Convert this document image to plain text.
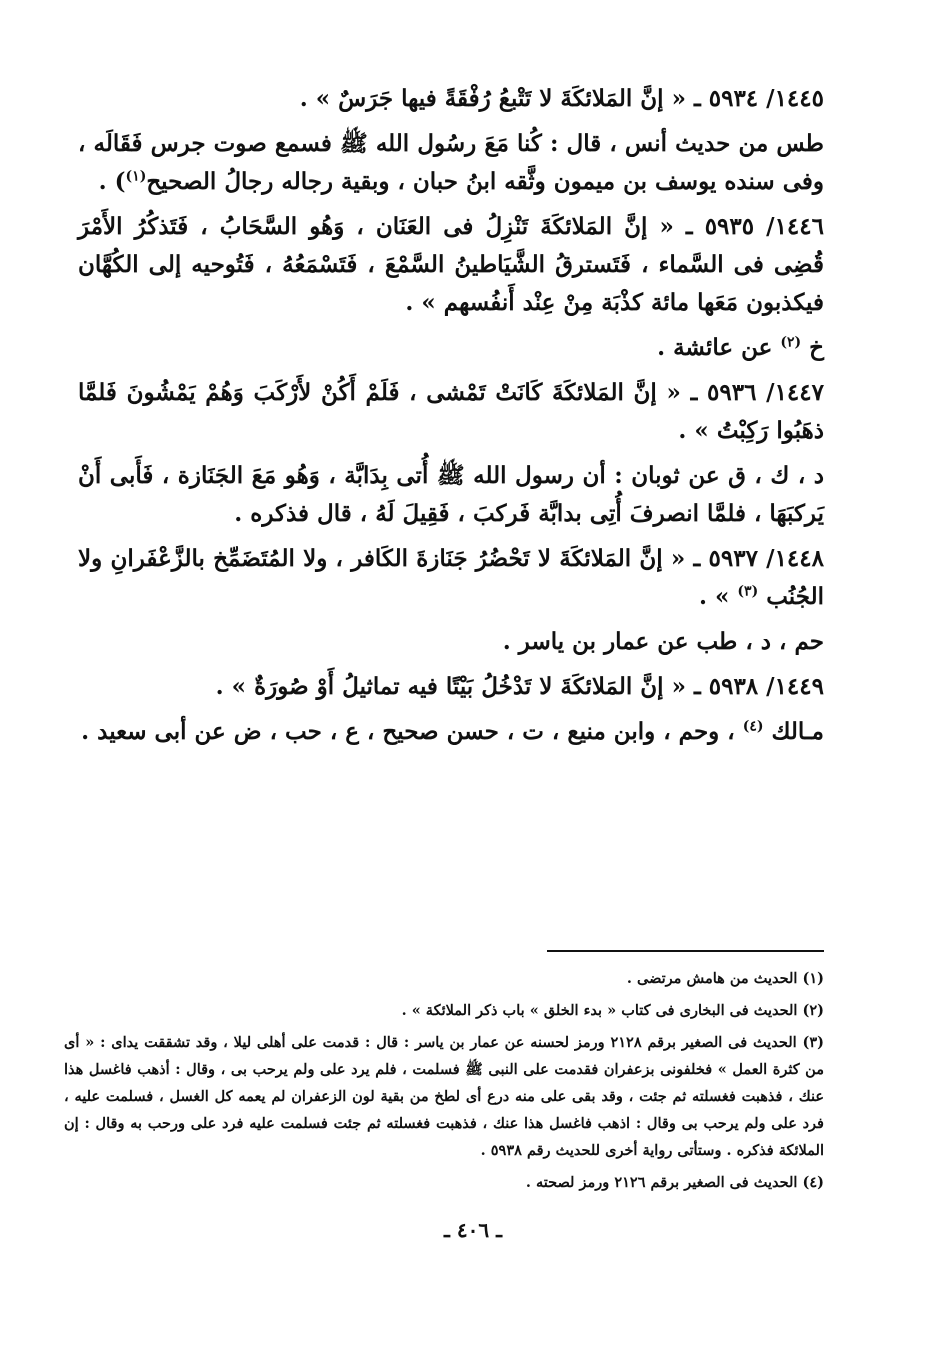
١٤٤٥/ ٥٩٣٤ ـ « إنَّ المَلائكَةَ لا تَتْبعُ رُفْقَةً فيها جَرَسٌ » .

طس من حديث أنس ، قال : كُنا مَعَ رسُول الله ﷺ فسمع صوت جرس فَقَالَه ، وفى سنده يوسف بن ميمون وثَّقه ابنُ حبان ، وبقية رجاله رجالُ الصحيح$^{(١)}$) .

١٤٤٦/ ٥٩٣٥ ـ « إنَّ المَلائكَةَ تَنْزِلُ فى العَنَان ، وَهُو السَّحَابُ ، فَتَذكُرُ الأَمْرَ قُضِى فى السَّماء ، فَتَسترقُ الشَّيَاطينُ السَّمْعَ ، فَتَسْمَعُهُ ، فَتُوحيه إلى الكُهَّان فيكذبون مَعَها مائة كذْبَة مِنْ عِنْد أَنفُسهم » .

خ $^{(٢)}$ عن عائشة .

١٤٤٧/ ٥٩٣٦ ـ « إنَّ المَلائكَةَ كَانَتْ تَمْشى ، فَلَمْ أَكُنْ لأَرْكَبَ وَهُمْ يَمْشُونَ فَلمَّا ذهَبُوا رَكِبْتُ » .

د ، ك ، ق عن ثوبان : أن رسول الله ﷺ أُتى بِدَابَّة ، وَهُو مَعَ الجَنَازة ، فَأَبى أَنْ يَركبَهَا ، فلمَّا انصرفَ أُتِى بدابَّة فَركبَ ، فَقِيلَ لَهُ ، قال فذكره .

١٤٤٨/ ٥٩٣٧ ـ « إنَّ المَلائكَةَ لا تَحْضُرُ جَنَازةَ الكَافر ، ولا المُتَضَمِّخ بالزَّعْفَرانِ ولا الجُنُب $^{(٣)}$ » .

حم ، د ، طب عن عمار بن ياسر .

١٤٤٩/ ٥٩٣٨ ـ « إنَّ المَلائكَةَ لا تَدْخُلُ بَيْتًا فيه تماثيلُ أَوْ صُورَةٌ » .

مـالك $^{(٤)}$ ، وحم ، وابن منيع ، ت ، حسن صحيح ، ع ، حب ، ض عن أبى سعيد .

(١) الحديث من هامش مرتضى .

(٢) الحديث فى البخارى فى كتاب « بدء الخلق » باب ذكر الملائكة » .

(٣) الحديث فى الصغير برقم ٢١٢٨ ورمز لحسنه عن عمار بن ياسر : قال : قدمت على أهلى ليلا ، وقد تشققت يداى : « أى من كثرة العمل » فخلفونى بزعفران فقدمت على النبى ﷺ فسلمت ، فلم يرد على ولم يرحب بى ، وقال : أذهب فاغسل هذا عنك ، فذهبت فغسلته ثم جئت ، وقد بقى على منه درع أى لطخ من بقية لون الزعفران لم يعمه كل الغسل ، فسلمت عليه ، فرد على ولم يرحب بى وقال : اذهب فاغسل هذا عنك ، فذهبت فغسلته ثم جئت فسلمت عليه فرد على ورحب به وقال : إن الملائكة فذكره . وستأتى رواية أخرى للحديث رقم ٥٩٣٨ .

(٤) الحديث فى الصغير برقم ٢١٢٦ ورمز لصحته .

ـ ٤٠٦ ـ
